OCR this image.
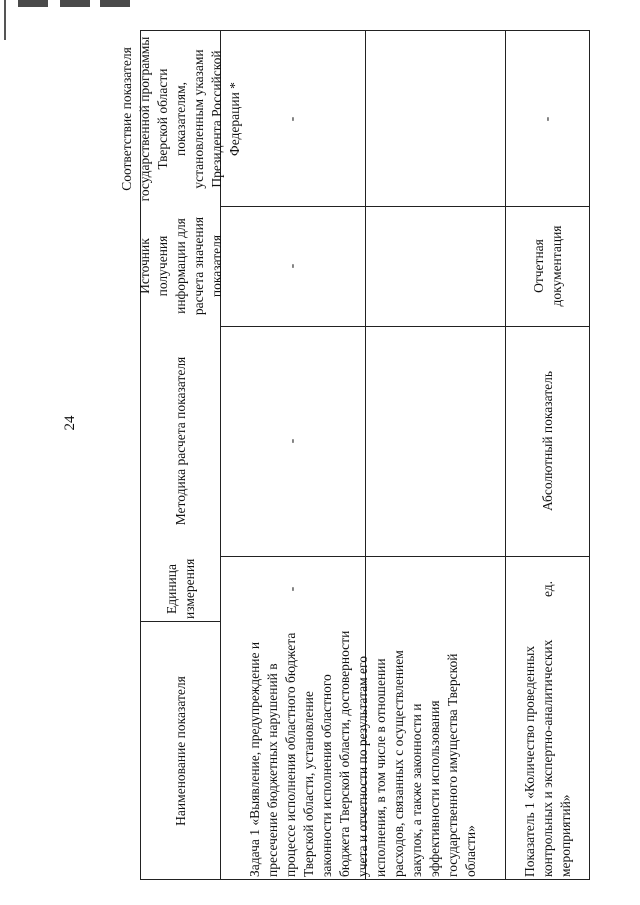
24
Соответствие показателя государственной программы Тверской области показателям, установленным указами Президента Российской Федерации *
Источник получения информации для расчета значения показателя
Методика расчета показателя
Единица измерения
Наименование показателя
-
-
-
-
Задача 1 «Выявление, предупреждение и пресечение бюджетных нарушений в процессе исполнения областного бюджета Тверской области, установление законности исполнения областного бюджета Тверской области, достоверности учета и отчетности по результатам его исполнения, в том числе в отношении расходов, связанных с осуществлением закупок, а также законности и эффективности использования государственного имущества Тверской области»
-
Отчетная документация
Абсолютный показатель
ед.
Показатель 1 «Количество проведенных контрольных и экспертно-аналитических мероприятий»
